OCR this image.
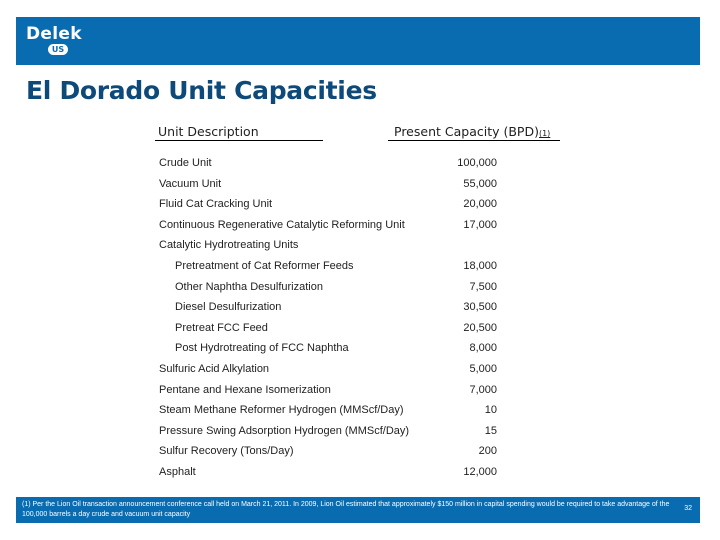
Delek
US
El Dorado Unit Capacities
Unit Description	Present Capacity (BPD)(1)
Crude Unit	100,000
Vacuum Unit	55,000
Fluid Cat Cracking Unit	20,000
Continuous Regenerative Catalytic Reforming Unit	17,000
Catalytic Hydrotreating Units
Pretreatment of Cat Reformer Feeds	18,000
Other Naphtha Desulfurization	7,500
Diesel Desulfurization	30,500
Pretreat FCC Feed	20,500
Post Hydrotreating of FCC Naphtha	8,000
Sulfuric Acid Alkylation	5,000
Pentane and Hexane Isomerization	7,000
Steam Methane Reformer Hydrogen (MMScf/Day)	10
Pressure Swing Adsorption Hydrogen (MMScf/Day)	15
Sulfur Recovery (Tons/Day)	200
Asphalt	12,000
(1) Per the Lion Oil transaction announcement conference call held on March 21, 2011. In 2009, Lion Oil estimated that approximately $150 million in capital spending would be required to take advantage of the 100,000 barrels a day crude and vacuum unit capacity
32
